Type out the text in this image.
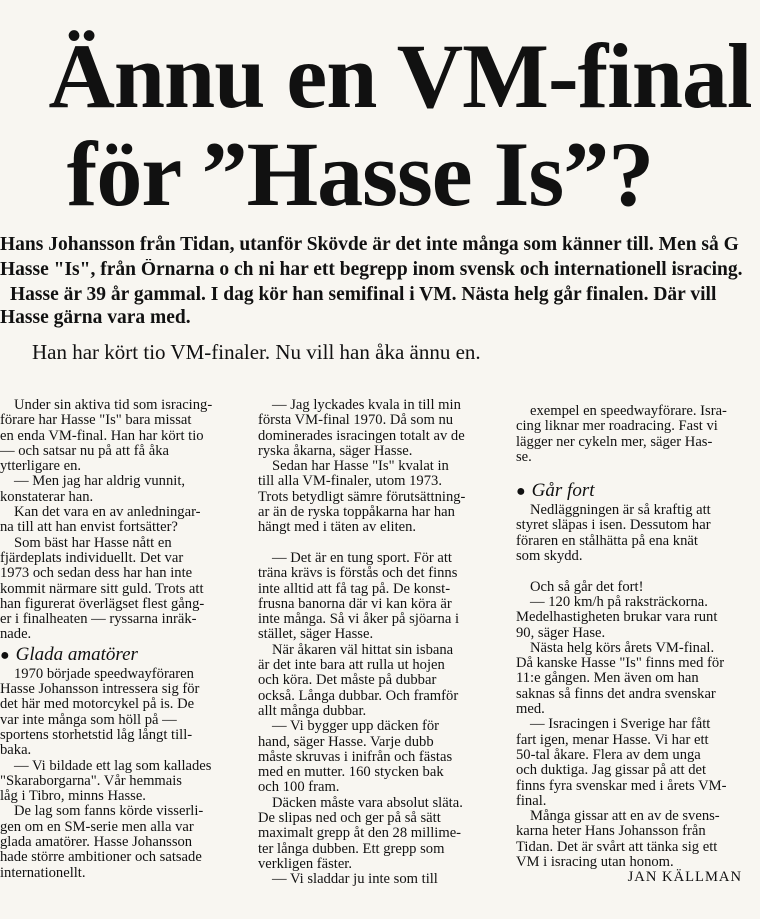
Ännu en VM-final
för ”Hasse Is”?
Hans Johansson från Tidan, utanför Skövde är det inte många som känner till. Men så G
Hasse "Is", från Örnarna o ch ni har ett begrepp inom svensk och internationell isracing.
Hasse är 39 år gammal. I dag kör han semifinal i VM. Nästa helg går finalen. Där vill
Hasse gärna vara med.
Han har kört tio VM-finaler. Nu vill han åka ännu en.
Under sin aktiva tid som isracing-
förare har Hasse "Is" bara missat
en enda VM-final. Han har kört tio
— och satsar nu på att få åka
ytterligare en.
— Men jag har aldrig vunnit,
konstaterar han.
Kan det vara en av anledningar-
na till att han envist fortsätter?
Som bäst har Hasse nått en
fjärdeplats individuellt. Det var
1973 och sedan dess har han inte
kommit närmare sitt guld. Trots att
han figurerat överlägset flest gång-
er i finalheaten — ryssarna inräk-
nade.
● Glada amatörer
1970 började speedwayföraren
Hasse Johansson intressera sig för
det här med motorcykel på is. De
var inte många som höll på —
sportens storhetstid låg långt till-
baka.
— Vi bildade ett lag som kallades
"Skaraborgarna". Vår hemmais
låg i Tibro, minns Hasse.
De lag som fanns körde visserli-
gen om en SM-serie men alla var
glada amatörer. Hasse Johansson
hade större ambitioner och satsade
internationellt.
— Jag lyckades kvala in till min
första VM-final 1970. Då som nu
dominerades isracingen totalt av de
ryska åkarna, säger Hasse.
Sedan har Hasse "Is" kvalat in
till alla VM-finaler, utom 1973.
Trots betydligt sämre förutsättning-
ar än de ryska toppåkarna har han
hängt med i täten av eliten.
— Det är en tung sport. För att
träna krävs is förstås och det finns
inte alltid att få tag på. De konst-
frusna banorna där vi kan köra är
inte många. Så vi åker på sjöarna i
stället, säger Hasse.
När åkaren väl hittat sin isbana
är det inte bara att rulla ut hojen
och köra. Det måste på dubbar
också. Långa dubbar. Och framför
allt många dubbar.
— Vi bygger upp däcken för
hand, säger Hasse. Varje dubb
måste skruvas i inifrån och fästas
med en mutter. 160 stycken bak
och 100 fram.
Däcken måste vara absolut släta.
De slipas ned och ger på så sätt
maximalt grepp åt den 28 millime-
ter långa dubben. Ett grepp som
verkligen fäster.
— Vi sladdar ju inte som till
exempel en speedwayförare. Isra-
cing liknar mer roadracing. Fast vi
lägger ner cykeln mer, säger Has-
se.
● Går fort
Nedläggningen är så kraftig att
styret släpas i isen. Dessutom har
föraren en stålhätta på ena knät
som skydd.
Och så går det fort!
— 120 km/h på raksträckorna.
Medelhastigheten brukar vara runt
90, säger Hase.
Nästa helg körs årets VM-final.
Då kanske Hasse "Is" finns med för
11:e gången. Men även om han
saknas så finns det andra svenskar
med.
— Isracingen i Sverige har fått
fart igen, menar Hasse. Vi har ett
50-tal åkare. Flera av dem unga
och duktiga. Jag gissar på att det
finns fyra svenskar med i årets VM-
final.
Många gissar att en av de svens-
karna heter Hans Johansson från
Tidan. Det är svårt att tänka sig ett
VM i isracing utan honom.
JAN KÄLLMAN
